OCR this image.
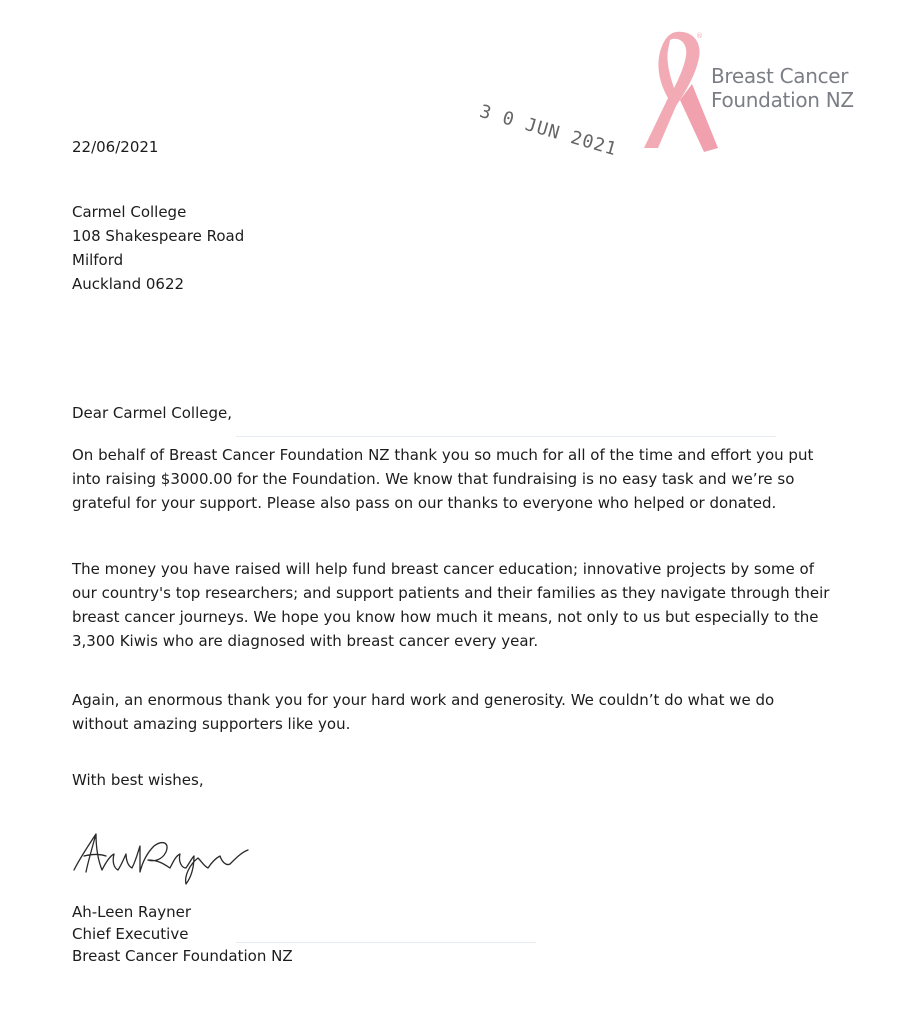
®
Breast Cancer
Foundation NZ
3 0 JUN 2021
22/06/2021
Carmel College
108 Shakespeare Road
Milford
Auckland 0622
Dear Carmel College,
On behalf of Breast Cancer Foundation NZ thank you so much for all of the time and effort you put
into raising $3000.00 for the Foundation. We know that fundraising is no easy task and we’re so
grateful for your support. Please also pass on our thanks to everyone who helped or donated.
The money you have raised will help fund breast cancer education; innovative projects by some of
our country's top researchers; and support patients and their families as they navigate through their
breast cancer journeys. We hope you know how much it means, not only to us but especially to the
3,300 Kiwis who are diagnosed with breast cancer every year.
Again, an enormous thank you for your hard work and generosity. We couldn’t do what we do
without amazing supporters like you.
With best wishes,
Ah-Leen Rayner
Ah-Leen Rayner
Chief Executive
Breast Cancer Foundation NZ
